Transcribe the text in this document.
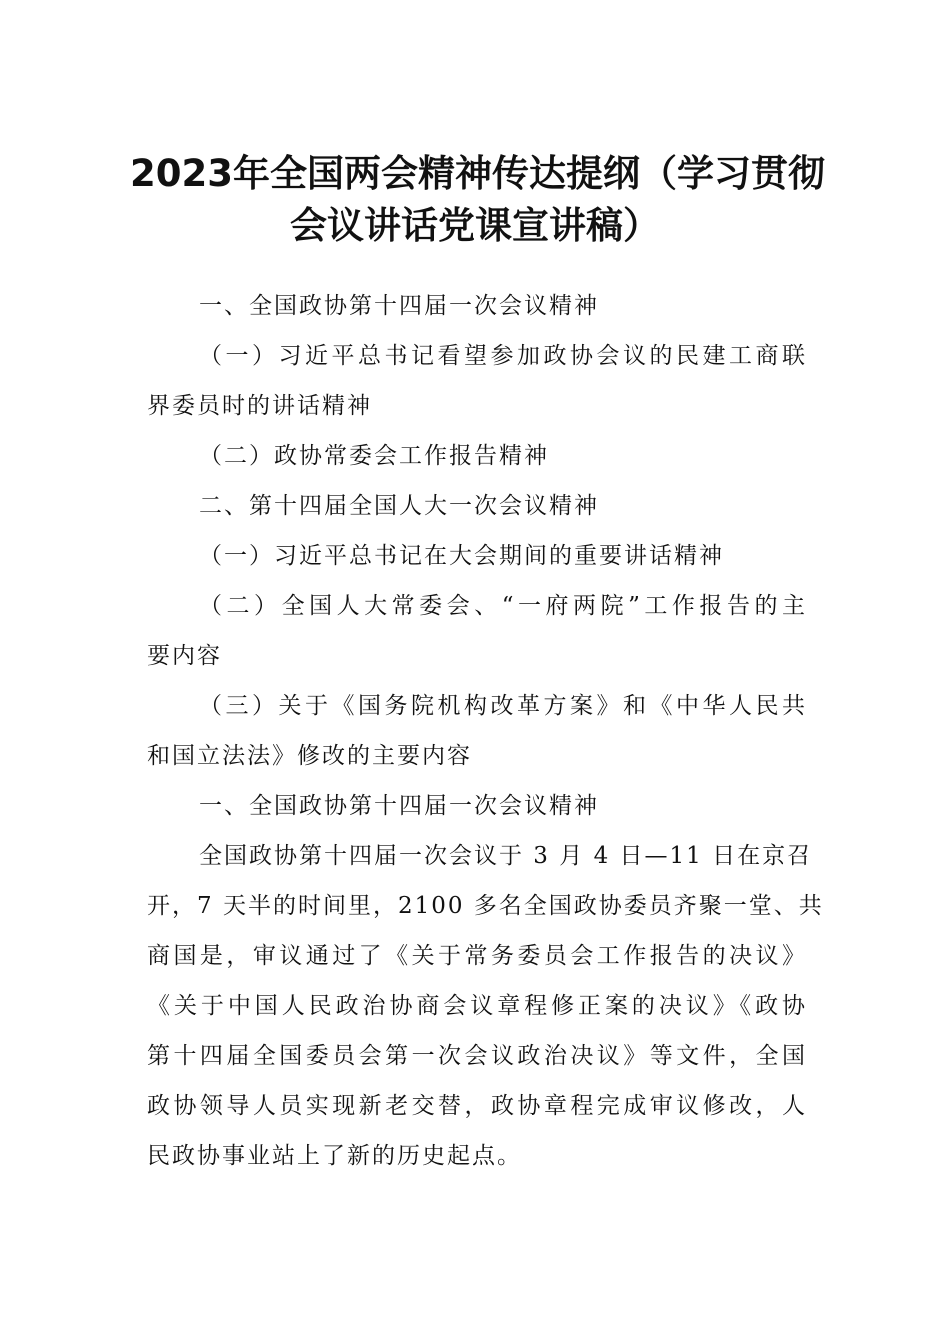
2023年全国两会精神传达提纲（学习贯彻
会议讲话党课宣讲稿）
一、全国政协第十四届一次会议精神
（一）习近平总书记看望参加政协会议的民建工商联
界委员时的讲话精神
（二）政协常委会工作报告精神
二、第十四届全国人大一次会议精神
（一）习近平总书记在大会期间的重要讲话精神
（二）全国人大常委会、“一府两院”工作报告的主
要内容
（三）关于《国务院机构改革方案》和《中华人民共
和国立法法》修改的主要内容
一、全国政协第十四届一次会议精神
全国政协第十四届一次会议于 3 月 4 日—11 日在京召
开，7 天半的时间里，2100 多名全国政协委员齐聚一堂、共
商国是，审议通过了《关于常务委员会工作报告的决议》
《关于中国人民政治协商会议章程修正案的决议》《政协
第十四届全国委员会第一次会议政治决议》等文件，全国
政协领导人员实现新老交替，政协章程完成审议修改，人
民政协事业站上了新的历史起点。
